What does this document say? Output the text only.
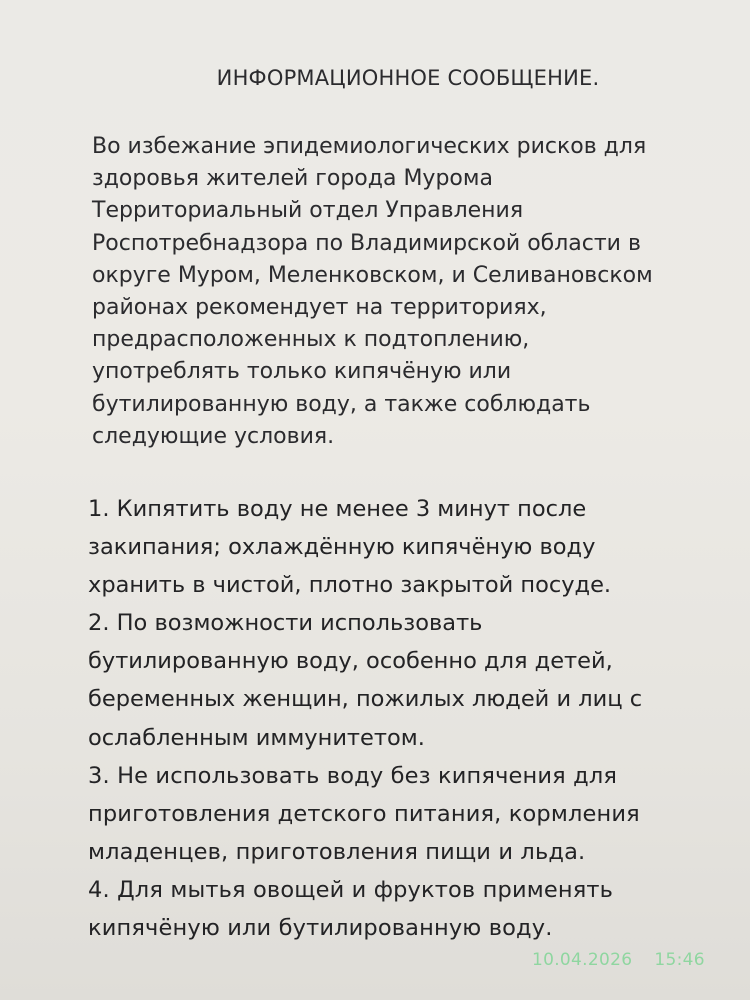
ИНФОРМАЦИОННОЕ СООБЩЕНИЕ.
Во избежание эпидемиологических рисков для
здоровья жителей города Мурома
Территориальный отдел Управления
Роспотребнадзора по Владимирской области в
округе Муром, Меленковском, и Селивановском
районах рекомендует на территориях,
предрасположенных к подтоплению,
употреблять только кипячёную или
бутилированную воду, а также соблюдать
следующие условия.
1. Кипятить воду не менее 3 минут после
закипания; охлаждённую кипячёную воду
хранить в чистой, плотно закрытой посуде.
2. По возможности использовать
бутилированную воду, особенно для детей,
беременных женщин, пожилых людей и лиц с
ослабленным иммунитетом.
3. Не использовать воду без кипячения для
приготовления детского питания, кормления
младенцев, приготовления пищи и льда.
4. Для мытья овощей и фруктов применять
кипячёную или бутилированную воду.
10.04.2026 15:46
